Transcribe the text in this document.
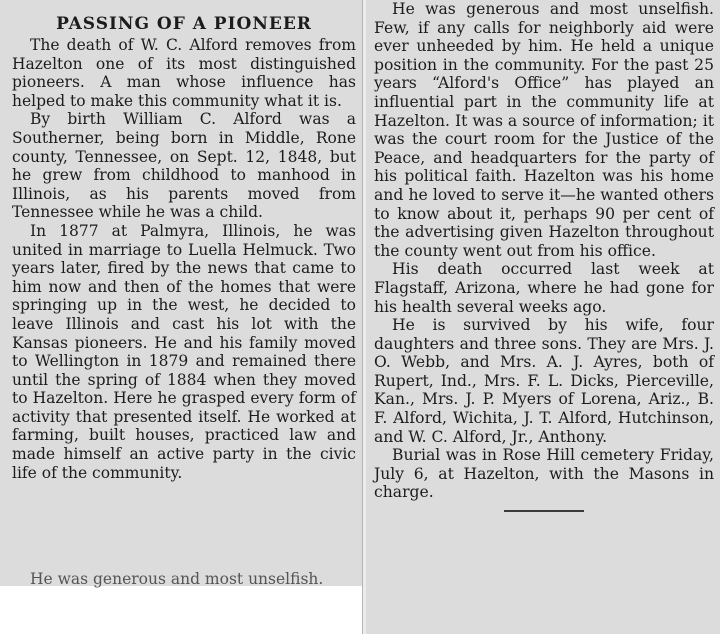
PASSING OF A PIONEER

The death of W. C. Alford removes from Hazelton one of its most distinguished pioneers. A man whose influence has helped to make this community what it is.

By birth William C. Alford was a Southerner, being born in Middle, Rone county, Tennessee, on Sept. 12, 1848, but he grew from childhood to manhood in Illinois, as his parents moved from Tennessee while he was a child.

In 1877 at Palmyra, Illinois, he was united in marriage to Luella Helmuck. Two years later, fired by the news that came to him now and then of the homes that were springing up in the west, he decided to leave Illinois and cast his lot with the Kansas pioneers. He and his family moved to Wellington in 1879 and remained there until the spring of 1884 when they moved to Hazelton. Here he grasped every form of activity that presented itself. He worked at farming, built houses, practiced law and made himself an active party in the civic life of the community.

He was generous and most unselfish.

He was generous and most unselfish. Few, if any calls for neighborly aid were ever unheeded by him. He held a unique position in the community. For the past 25 years “Alford's Office” has played an influential part in the community life at Hazelton. It was a source of information; it was the court room for the Justice of the Peace, and headquarters for the party of his political faith. Hazelton was his home and he loved to serve it—he wanted others to know about it, perhaps 90 per cent of the advertising given Hazelton throughout the county went out from his office.

His death occurred last week at Flagstaff, Arizona, where he had gone for his health several weeks ago.

He is survived by his wife, four daughters and three sons. They are Mrs. J. O. Webb, and Mrs. A. J. Ayres, both of Rupert, Ind., Mrs. F. L. Dicks, Pierceville, Kan., Mrs. J. P. Myers of Lorena, Ariz., B. F. Alford, Wichita, J. T. Alford, Hutchinson, and W. C. Alford, Jr., Anthony.

Burial was in Rose Hill cemetery Friday, July 6, at Hazelton, with the Masons in charge.
